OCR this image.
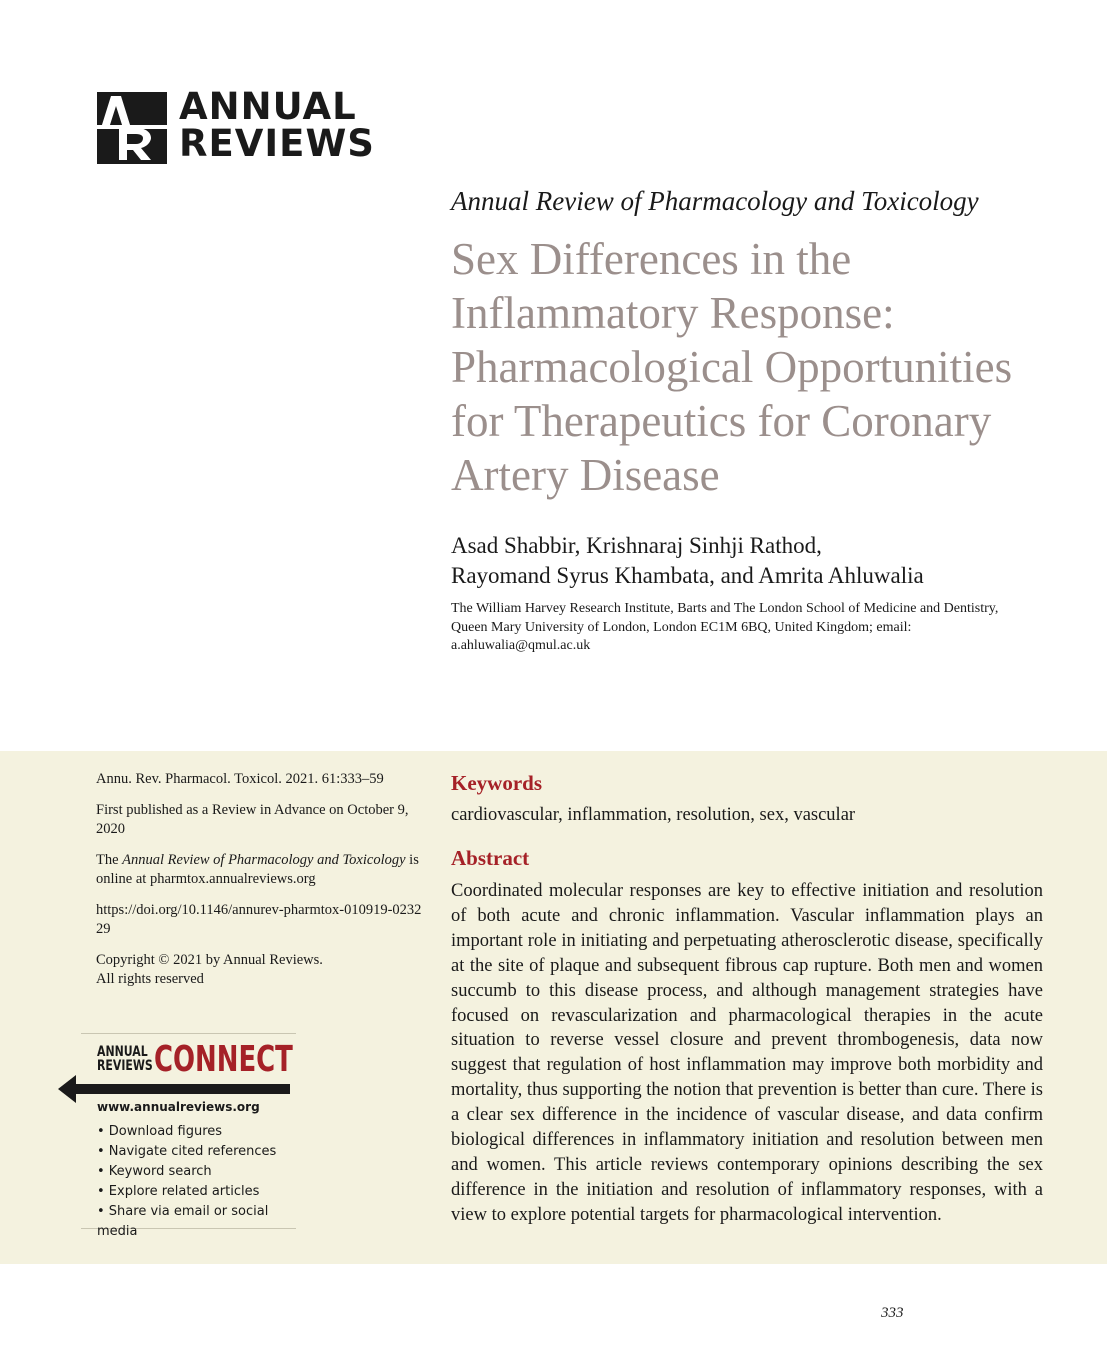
ANNUAL
REVIEWS
Annual Review of Pharmacology and Toxicology
Sex Differences in the Inflammatory Response: Pharmacological Opportunities for Therapeutics for Coronary Artery Disease
Asad Shabbir, Krishnaraj Sinhji Rathod,
Rayomand Syrus Khambata, and Amrita Ahluwalia
The William Harvey Research Institute, Barts and The London School of Medicine and Dentistry, Queen Mary University of London, London EC1M 6BQ, United Kingdom; email: a.ahluwalia@qmul.ac.uk

Annu. Rev. Pharmacol. Toxicol. 2021. 61:333–59

First published as a Review in Advance on October 9, 2020

The Annual Review of Pharmacology and Toxicology is online at pharmtox.annualreviews.org

https://doi.org/10.1146/annurev-pharmtox-010919-023229

Copyright © 2021 by Annual Reviews.
All rights reserved

ANNUAL
REVIEWS CONNECT
www.annualreviews.org
• Download figures
• Navigate cited references
• Keyword search
• Explore related articles
• Share via email or social media
Keywords
cardiovascular, inflammation, resolution, sex, vascular
Abstract
Coordinated molecular responses are key to effective initiation and resolution of both acute and chronic inflammation. Vascular inflammation plays an important role in initiating and perpetuating atherosclerotic disease, specifically at the site of plaque and subsequent fibrous cap rupture. Both men and women succumb to this disease process, and although management strategies have focused on revascularization and pharmacological therapies in the acute situation to reverse vessel closure and prevent thrombogenesis, data now suggest that regulation of host inflammation may improve both morbidity and mortality, thus supporting the notion that prevention is better than cure. There is a clear sex difference in the incidence of vascular disease, and data confirm biological differences in inflammatory initiation and resolution between men and women. This article reviews contemporary opinions describing the sex difference in the initiation and resolution of inflammatory responses, with a view to explore potential targets for pharmacological intervention.
333
